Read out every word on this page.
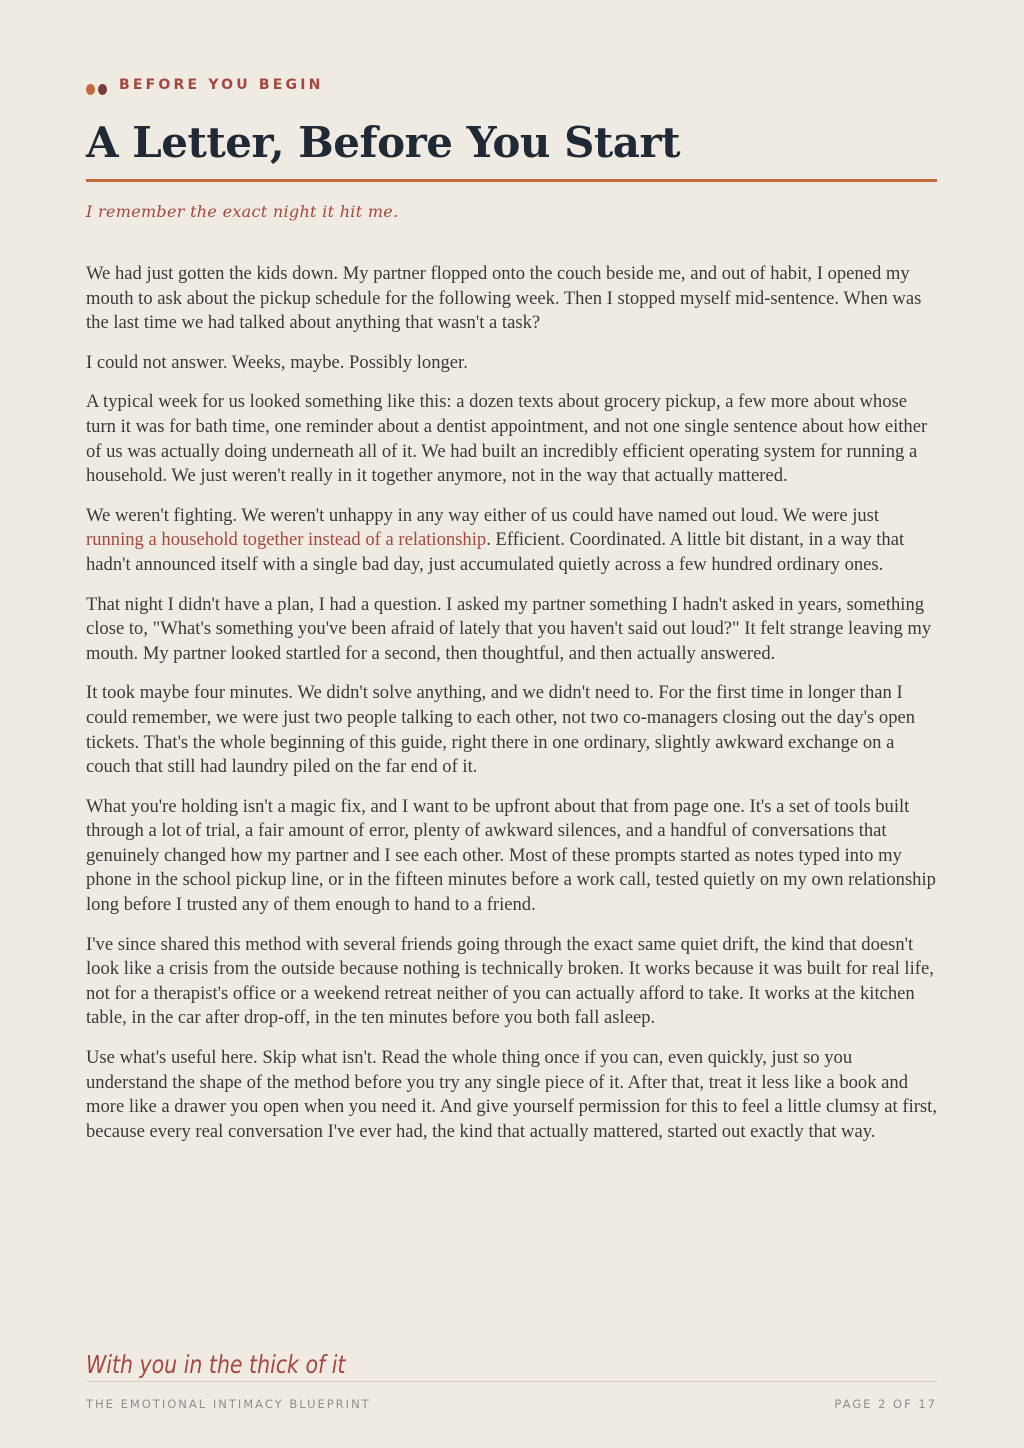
BEFORE YOU BEGIN
A Letter, Before You Start
I remember the exact night it hit me.

We had just gotten the kids down. My partner flopped onto the couch beside me, and out of habit, I opened my mouth to ask about the pickup schedule for the following week. Then I stopped myself mid-sentence. When was the last time we had talked about anything that wasn't a task?

I could not answer. Weeks, maybe. Possibly longer.

A typical week for us looked something like this: a dozen texts about grocery pickup, a few more about whose turn it was for bath time, one reminder about a dentist appointment, and not one single sentence about how either of us was actually doing underneath all of it. We had built an incredibly efficient operating system for running a household. We just weren't really in it together anymore, not in the way that actually mattered.

We weren't fighting. We weren't unhappy in any way either of us could have named out loud. We were just running a household together instead of a relationship. Efficient. Coordinated. A little bit distant, in a way that hadn't announced itself with a single bad day, just accumulated quietly across a few hundred ordinary ones.

That night I didn't have a plan, I had a question. I asked my partner something I hadn't asked in years, something close to, "What's something you've been afraid of lately that you haven't said out loud?" It felt strange leaving my mouth. My partner looked startled for a second, then thoughtful, and then actually answered.

It took maybe four minutes. We didn't solve anything, and we didn't need to. For the first time in longer than I could remember, we were just two people talking to each other, not two co-managers closing out the day's open tickets. That's the whole beginning of this guide, right there in one ordinary, slightly awkward exchange on a couch that still had laundry piled on the far end of it.

What you're holding isn't a magic fix, and I want to be upfront about that from page one. It's a set of tools built through a lot of trial, a fair amount of error, plenty of awkward silences, and a handful of conversations that genuinely changed how my partner and I see each other. Most of these prompts started as notes typed into my phone in the school pickup line, or in the fifteen minutes before a work call, tested quietly on my own relationship long before I trusted any of them enough to hand to a friend.

I've since shared this method with several friends going through the exact same quiet drift, the kind that doesn't look like a crisis from the outside because nothing is technically broken. It works because it was built for real life, not for a therapist's office or a weekend retreat neither of you can actually afford to take. It works at the kitchen table, in the car after drop-off, in the ten minutes before you both fall asleep.

Use what's useful here. Skip what isn't. Read the whole thing once if you can, even quickly, just so you understand the shape of the method before you try any single piece of it. After that, treat it less like a book and more like a drawer you open when you need it. And give yourself permission for this to feel a little clumsy at first, because every real conversation I've ever had, the kind that actually mattered, started out exactly that way.

With you in the thick of it
THE EMOTIONAL INTIMACY BLUEPRINT	PAGE 2 OF 17
